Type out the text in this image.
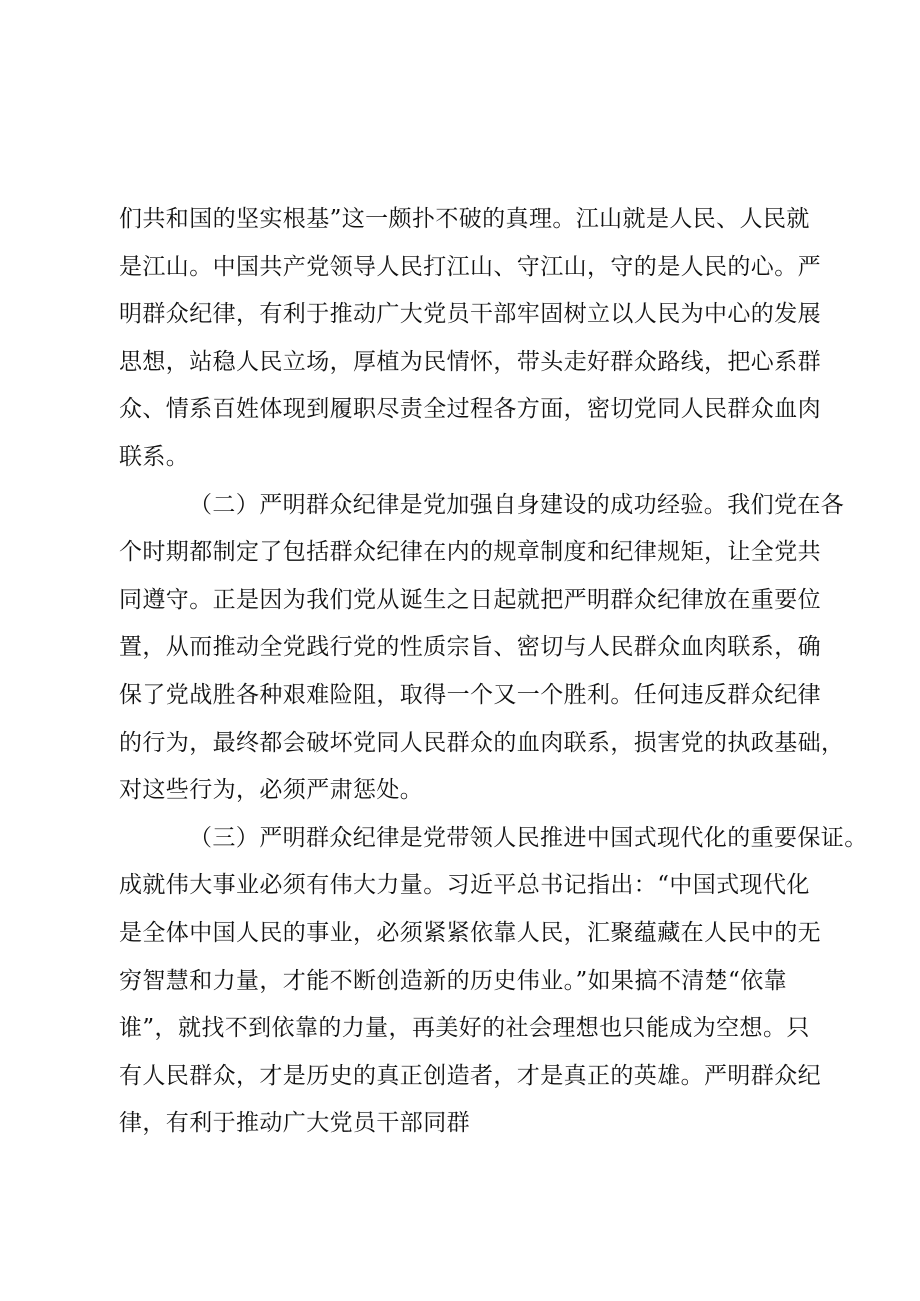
们共和国的坚实根基”这一颇扑不破的真理。江山就是人民、人民就
是江山。中国共产党领导人民打江山、守江山，守的是人民的心。严
明群众纪律，有利于推动广大党员干部牢固树立以人民为中心的发展
思想，站稳人民立场，厚植为民情怀，带头走好群众路线，把心系群
众、情系百姓体现到履职尽责全过程各方面，密切党同人民群众血肉
联系。
（二）严明群众纪律是党加强自身建设的成功经验。我们党在各
个时期都制定了包括群众纪律在内的规章制度和纪律规矩，让全党共
同遵守。正是因为我们党从诞生之日起就把严明群众纪律放在重要位
置，从而推动全党践行党的性质宗旨、密切与人民群众血肉联系，确
保了党战胜各种艰难险阻，取得一个又一个胜利。任何违反群众纪律
的行为，最终都会破坏党同人民群众的血肉联系，损害党的执政基础，
对这些行为，必须严肃惩处。
（三）严明群众纪律是党带领人民推进中国式现代化的重要保证。
成就伟大事业必须有伟大力量。习近平总书记指出：“中国式现代化
是全体中国人民的事业，必须紧紧依靠人民，汇聚蕴藏在人民中的无
穷智慧和力量，才能不断创造新的历史伟业。”如果搞不清楚“依靠
谁”，就找不到依靠的力量，再美好的社会理想也只能成为空想。只
有人民群众，才是历史的真正创造者，才是真正的英雄。严明群众纪
律，有利于推动广大党员干部同群
